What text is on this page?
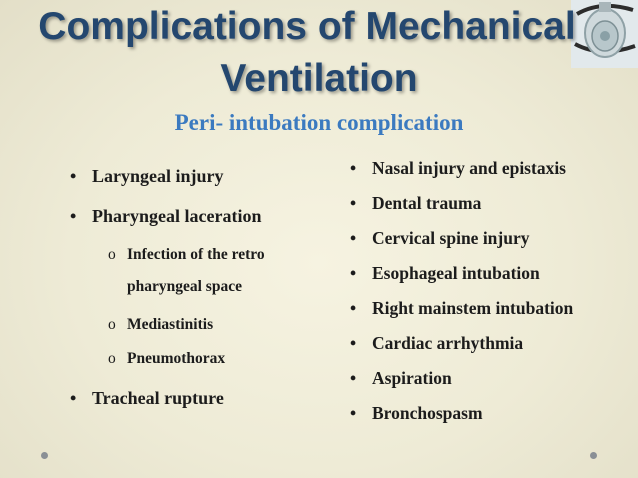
Complications of Mechanical
Ventilation
Peri- intubation complication
• Laryngeal injury
• Pharyngeal laceration
o Infection of the retro
pharyngeal space
o Mediastinitis
o Pneumothorax
• Tracheal rupture
• Nasal injury and epistaxis
• Dental trauma
• Cervical spine injury
• Esophageal intubation
• Right mainstem intubation
• Cardiac arrhythmia
• Aspiration
• Bronchospasm
